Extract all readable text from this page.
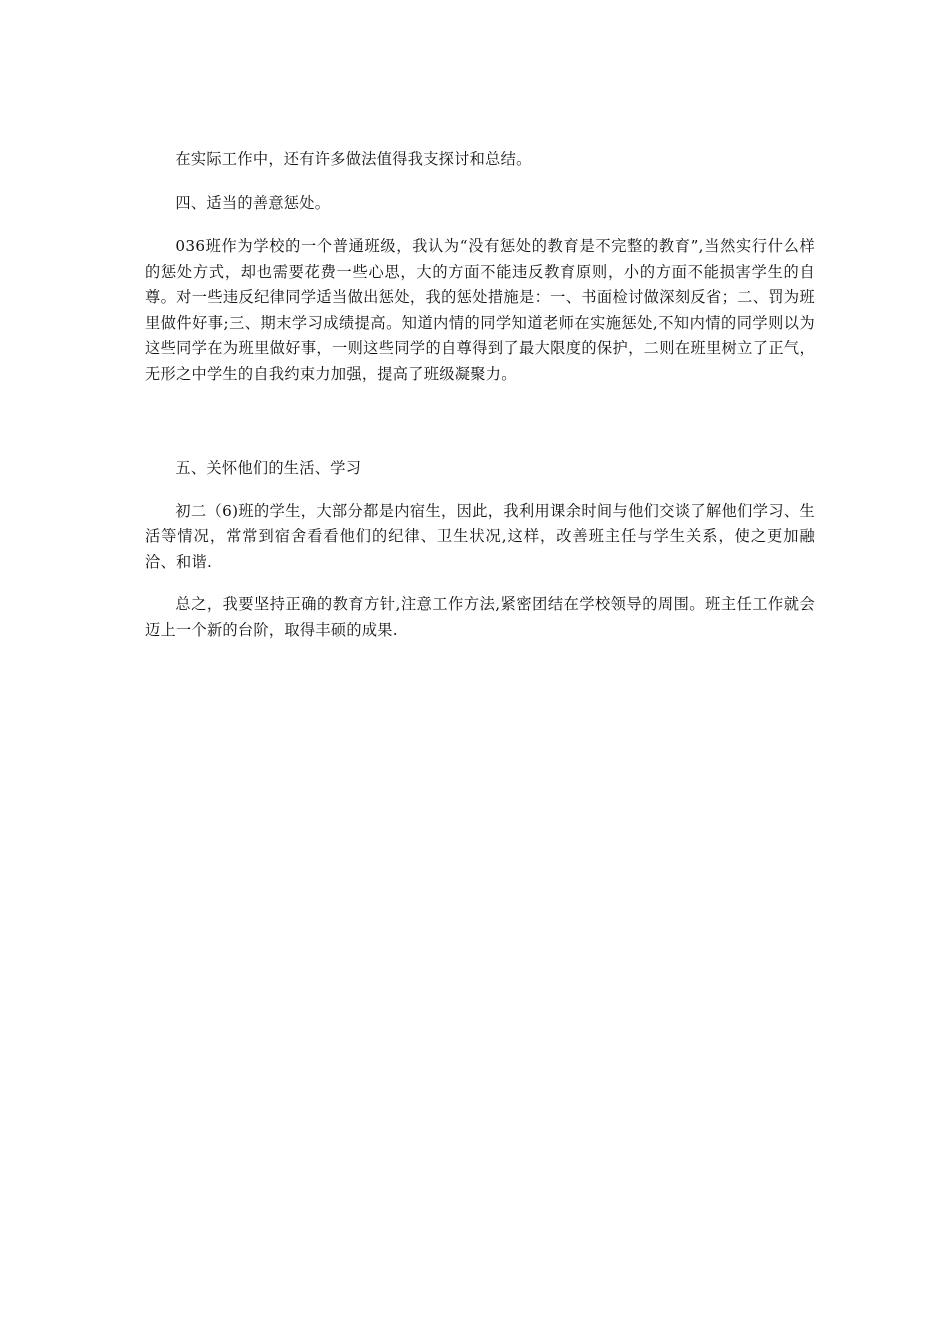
在实际工作中，还有许多做法值得我支探讨和总结。

四、适当的善意惩处。

036班作为学校的一个普通班级，我认为“没有惩处的教育是不完整的教育”,当然实行什么样的惩处方式，却也需要花费一些心思，大的方面不能违反教育原则，小的方面不能损害学生的自尊。对一些违反纪律同学适当做出惩处，我的惩处措施是：一、书面检讨做深刻反省；二、罚为班里做件好事;三、期末学习成绩提高。知道内情的同学知道老师在实施惩处,不知内情的同学则以为这些同学在为班里做好事，一则这些同学的自尊得到了最大限度的保护，二则在班里树立了正气，无形之中学生的自我约束力加强，提高了班级凝聚力。

五、关怀他们的生活、学习

初二（6)班的学生，大部分都是内宿生，因此，我利用课余时间与他们交谈了解他们学习、生活等情况，常常到宿舍看看他们的纪律、卫生状况,这样，改善班主任与学生关系，使之更加融洽、和谐.

总之，我要坚持正确的教育方针,注意工作方法,紧密团结在学校领导的周围。班主任工作就会迈上一个新的台阶，取得丰硕的成果.
